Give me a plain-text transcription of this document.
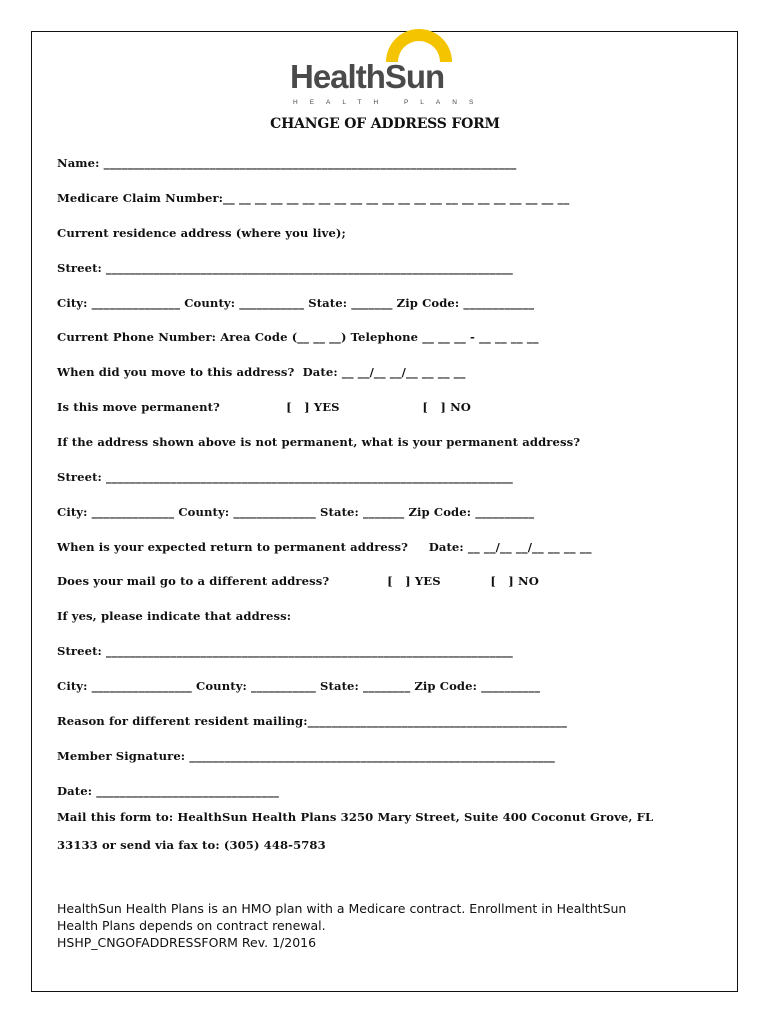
HealthSun
HEALTH PLANS
CHANGE OF ADDRESS FORM
Name: ______________________________________________________________________
Medicare Claim Number:__ __ __ __ __ __ __ __ __ __ __ __ __ __ __ __ __ __ __ __ __ __
Current residence address (where you live);
Street: _____________________________________________________________________
City: _______________ County: ___________ State: _______ Zip Code: ____________
Current Phone Number: Area Code (__ __ __) Telephone __ __ __ - __ __ __ __
When did you move to this address?  Date: __ __/__ __/__ __ __ __
Is this move permanent?                [   ] YES                    [   ] NO
If the address shown above is not permanent, what is your permanent address?
Street: _____________________________________________________________________
City: ______________ County: ______________ State: _______ Zip Code: __________
When is your expected return to permanent address?     Date: __ __/__ __/__ __ __ __
Does your mail go to a different address?              [   ] YES            [   ] NO
If yes, please indicate that address:
Street: _____________________________________________________________________
City: _________________ County: ___________ State: ________ Zip Code: __________
Reason for different resident mailing:____________________________________________
Member Signature: ______________________________________________________________
Date: _______________________________
Mail this form to: HealthSun Health Plans 3250 Mary Street, Suite 400 Coconut Grove, FL
33133 or send via fax to: (305) 448-5783
HealthSun Health Plans is an HMO plan with a Medicare contract. Enrollment in HealthtSun
Health Plans depends on contract renewal.
HSHP_CNGOFADDRESSFORM Rev. 1/2016
